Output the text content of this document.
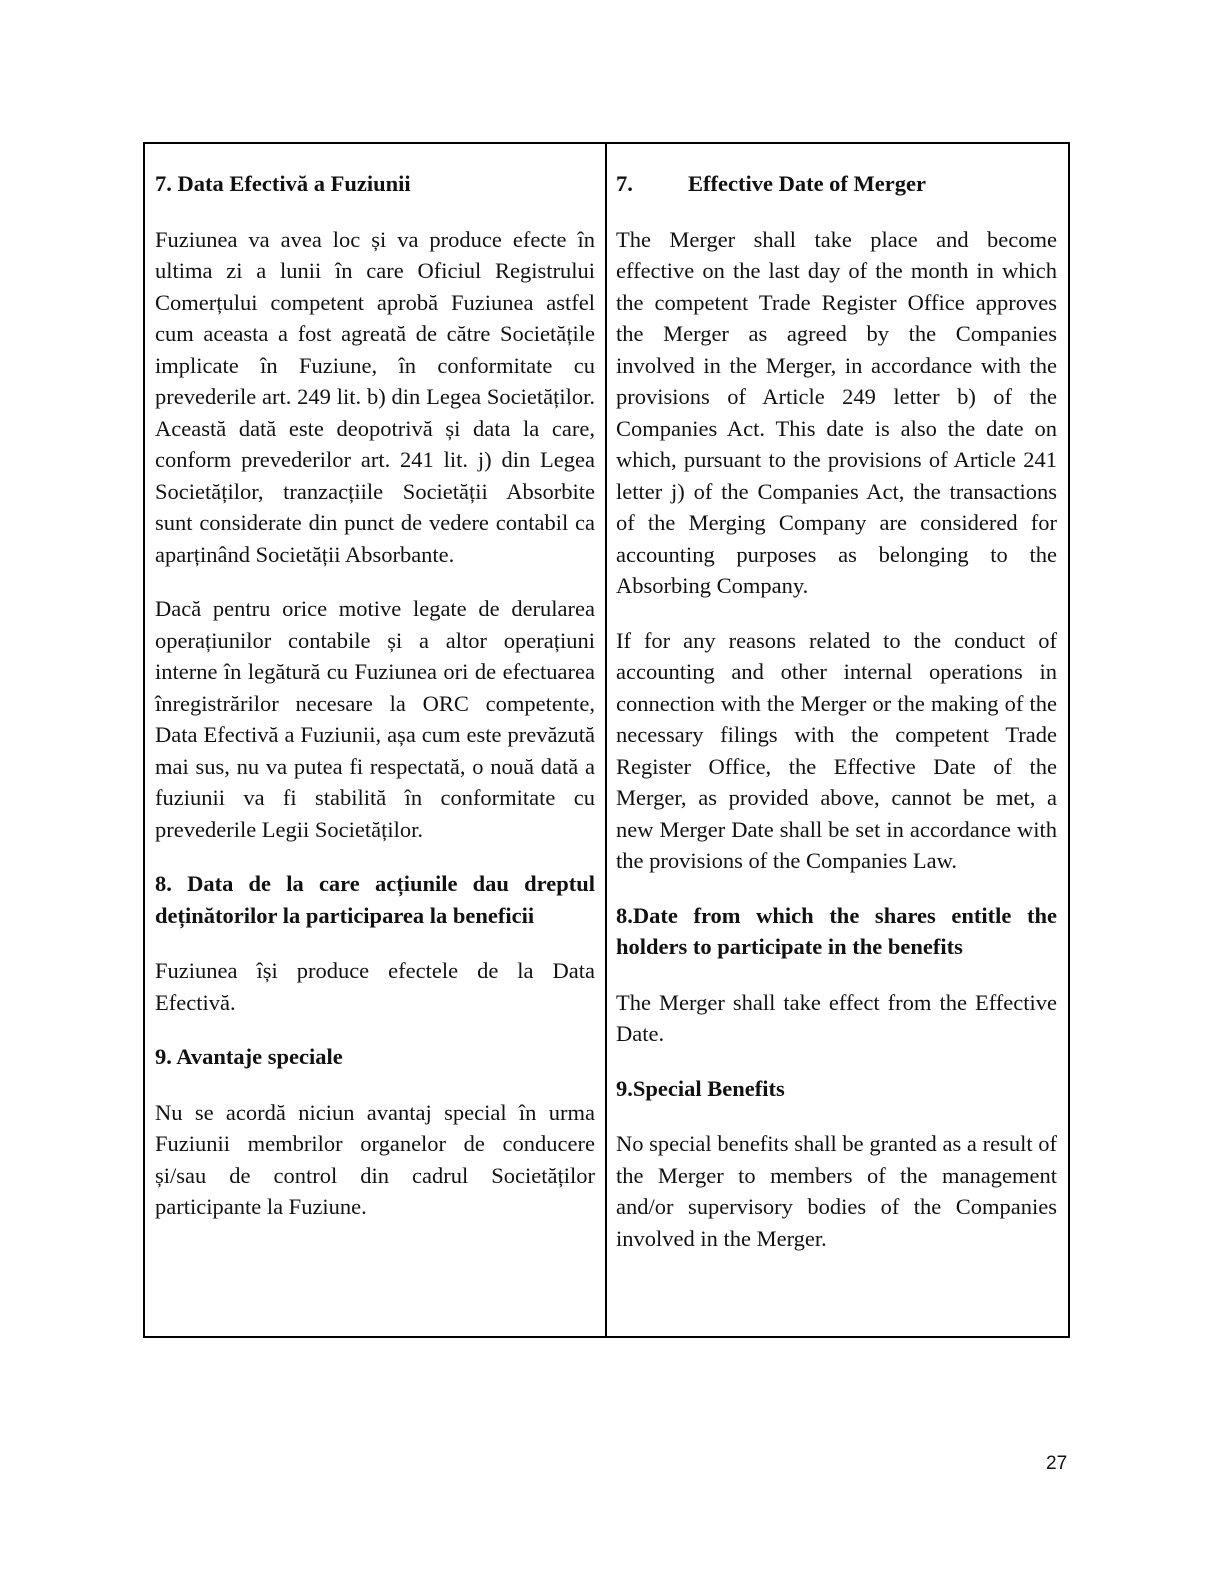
7. Data Efectivă a Fuziunii

Fuziunea va avea loc și va produce efecte în ultima zi a lunii în care Oficiul Registrului Comerțului competent aprobă Fuziunea astfel cum aceasta a fost agreată de către Societățile implicate în Fuziune, în conformitate cu prevederile art. 249 lit. b) din Legea Societăților. Această dată este deopotrivă și data la care, conform prevederilor art. 241 lit. j) din Legea Societăților, tranzacțiile Societății Absorbite sunt considerate din punct de vedere contabil ca aparținând Societății Absorbante.

Dacă pentru orice motive legate de derularea operațiunilor contabile și a altor operațiuni interne în legătură cu Fuziunea ori de efectuarea înregistrărilor necesare la ORC competente, Data Efectivă a Fuziunii, așa cum este prevăzută mai sus, nu va putea fi respectată, o nouă dată a fuziunii va fi stabilită în conformitate cu prevederile Legii Societăților.

8. Data de la care acțiunile dau dreptul deținătorilor la participarea la beneficii

Fuziunea își produce efectele de la Data Efectivă.

9. Avantaje speciale

Nu se acordă niciun avantaj special în urma Fuziunii membrilor organelor de conducere și/sau de control din cadrul Societăților participante la Fuziune.

7. Effective Date of Merger

The Merger shall take place and become effective on the last day of the month in which the competent Trade Register Office approves the Merger as agreed by the Companies involved in the Merger, in accordance with the provisions of Article 249 letter b) of the Companies Act. This date is also the date on which, pursuant to the provisions of Article 241 letter j) of the Companies Act, the transactions of the Merging Company are considered for accounting purposes as belonging to the Absorbing Company.

If for any reasons related to the conduct of accounting and other internal operations in connection with the Merger or the making of the necessary filings with the competent Trade Register Office, the Effective Date of the Merger, as provided above, cannot be met, a new Merger Date shall be set in accordance with the provisions of the Companies Law.

8.Date from which the shares entitle the holders to participate in the benefits

The Merger shall take effect from the Effective Date.

9.Special Benefits

No special benefits shall be granted as a result of the Merger to members of the management and/or supervisory bodies of the Companies involved in the Merger.

27
